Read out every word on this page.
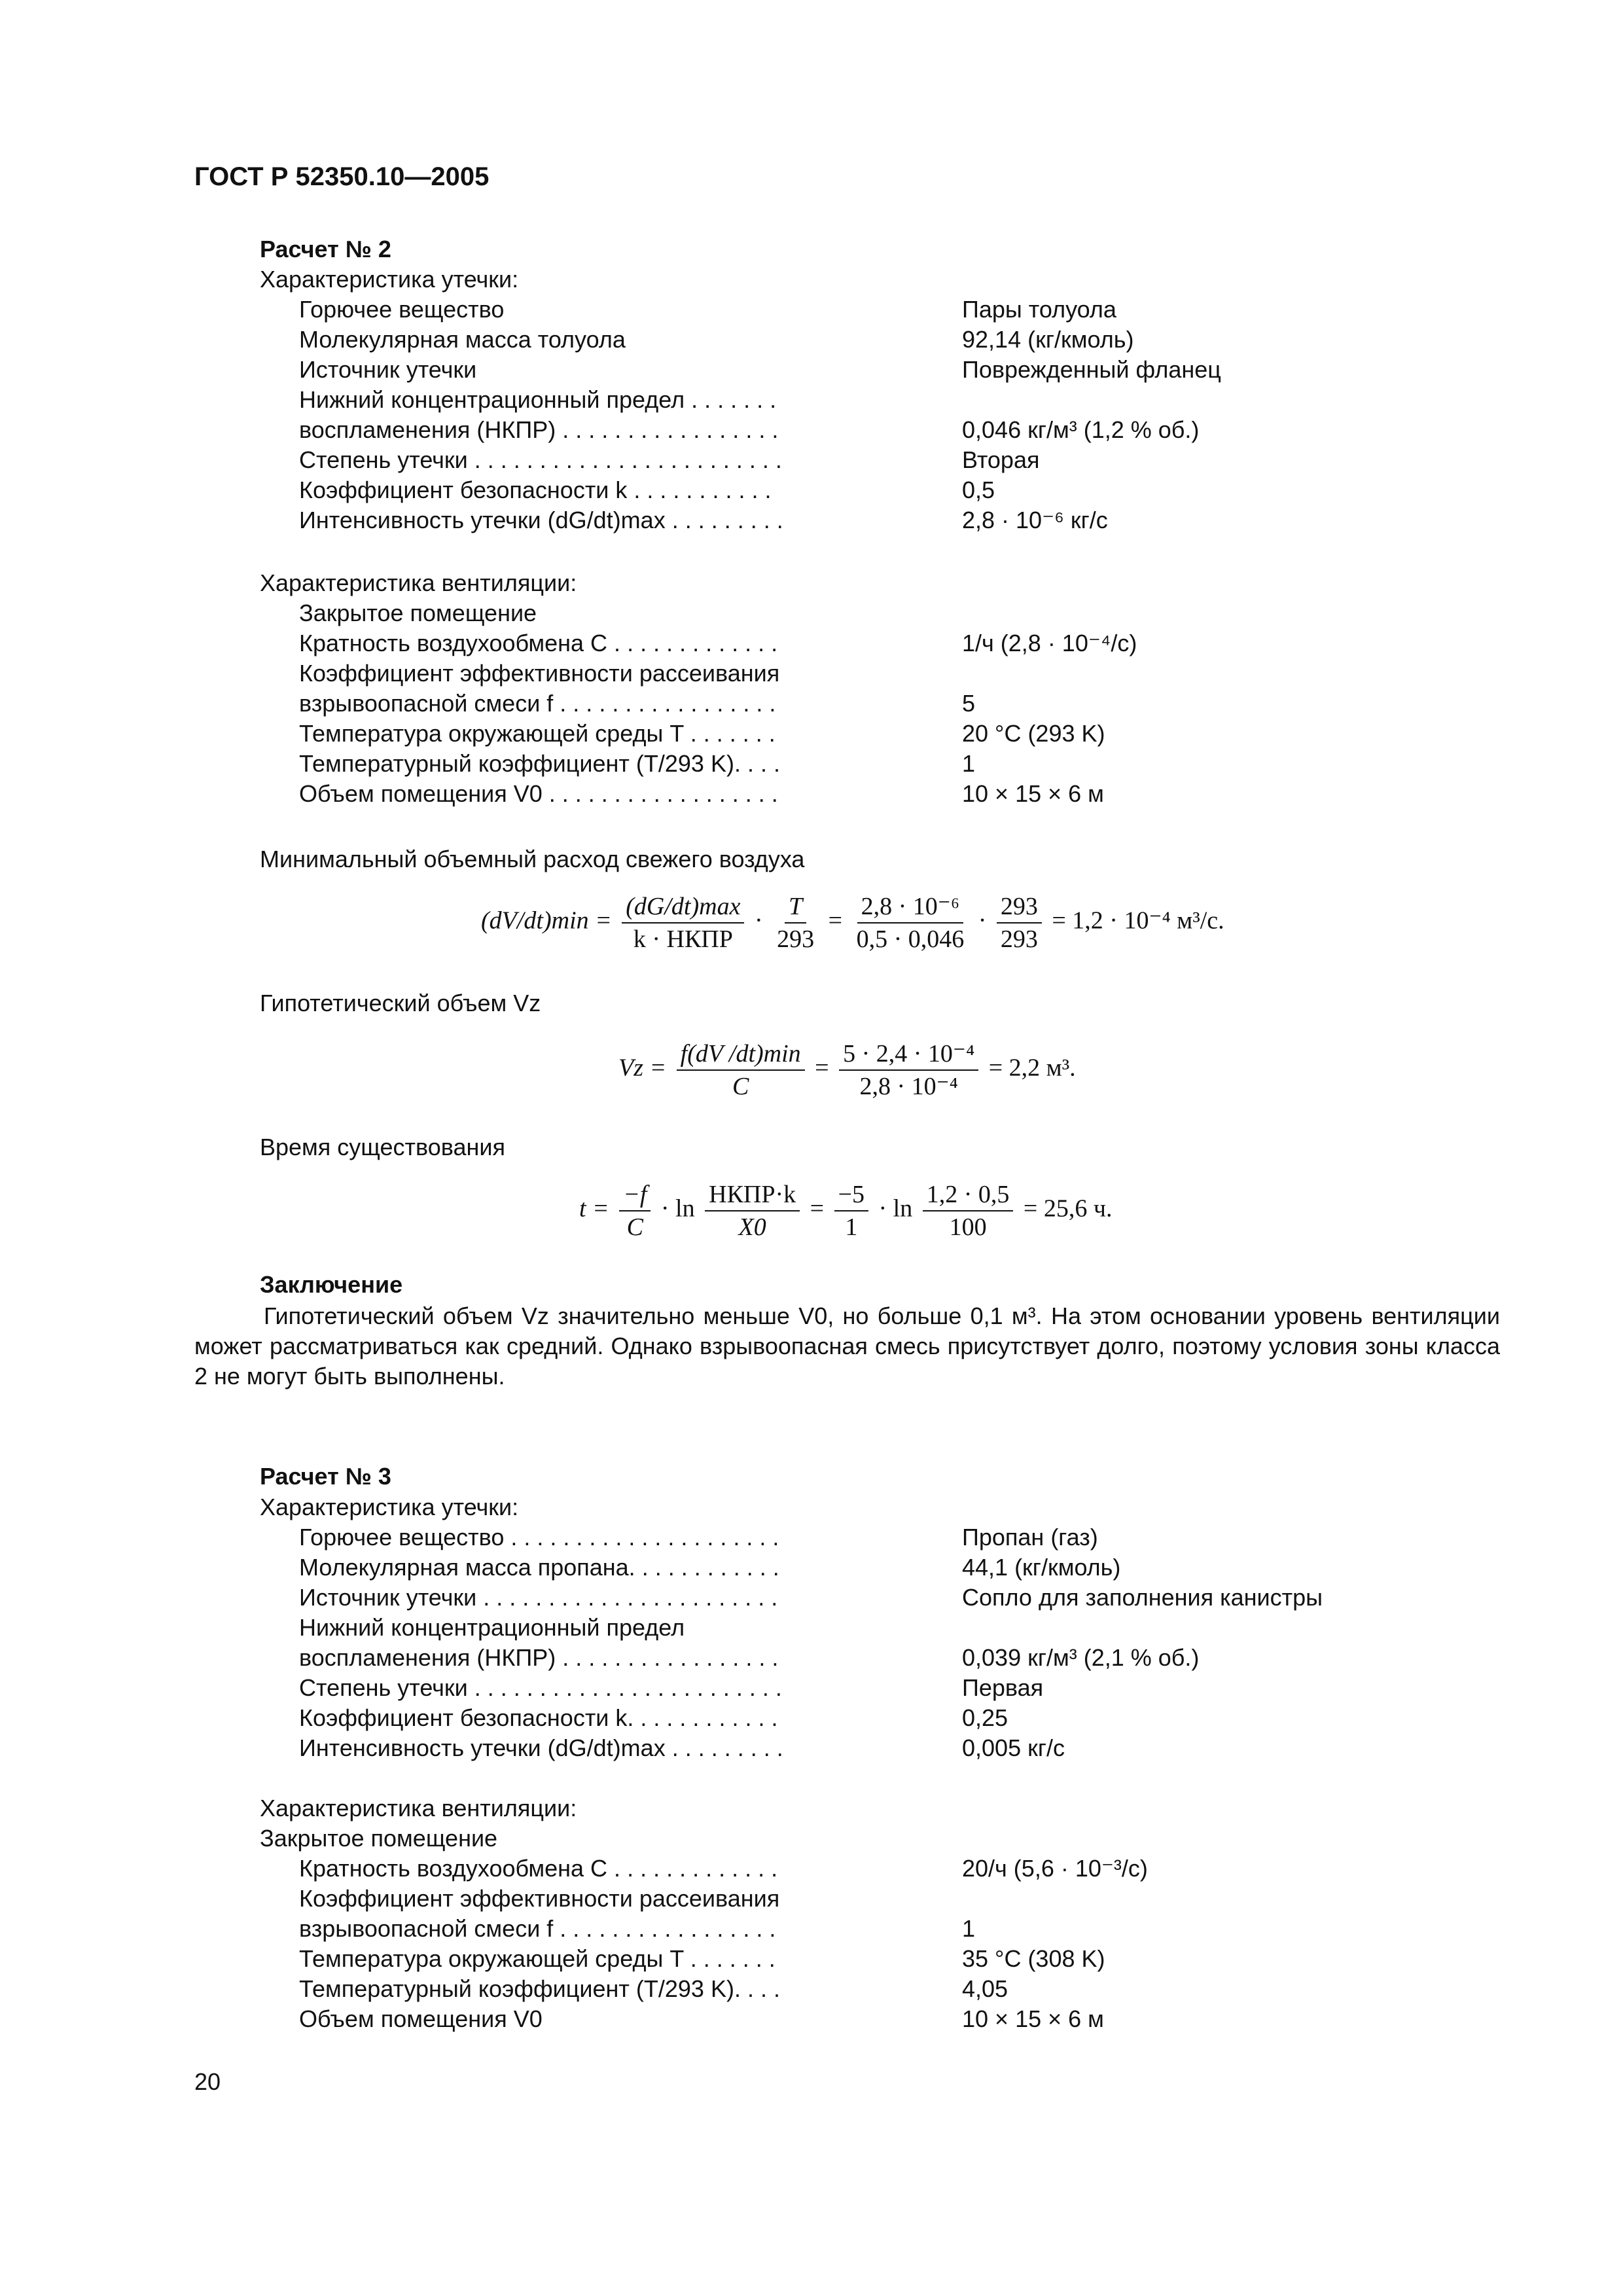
ГОСТ Р 52350.10—2005
Расчет № 2
Характеристика утечки:
Горючее вещество	Пары толуола
Молекулярная масса толуола	92,14 (кг/кмоль)
Источник утечки	Поврежденный фланец
Нижний концентрационный предел . . . . . . .
воспламенения (НКПР) . . . . . . . . . . . . . . . . .	0,046 кг/м³ (1,2 % об.)
Степень утечки . . . . . . . . . . . . . . . . . . . . . . . .	Вторая
Коэффициент безопасности k . . . . . . . . . . .	0,5
Интенсивность утечки (dG/dt)max . . . . . . . . .	2,8 · 10⁻⁶ кг/с
Характеристика вентиляции:
Закрытое помещение
Кратность воздухообмена C . . . . . . . . . . . . .	1/ч (2,8 · 10⁻⁴/с)
Коэффициент эффективности рассеивания
взрывоопасной смеси f . . . . . . . . . . . . . . . . .	5
Температура окружающей среды T . . . . . . .	20 °C (293 K)
Температурный коэффициент (T/293 K). . . .	1
Объем помещения V0 . . . . . . . . . . . . . . . . . .	10 × 15 × 6 м
Минимальный объемный расход свежего воздуха
$(dV/dt)\min = \frac{(dG/dt)\max}{\text{k · НКПР}} \cdot \frac{T}{293} = \frac{\text{2,8 · 10⁻⁶}}{0,5 \cdot 0,046} \cdot \frac{293}{293} = 1,2 \cdot 10^{-4}$ м³/с.
Гипотетический объем Vz
$Vz = \frac{f(dV /dt)\min}{C} = \frac{\text{5 · 2,4 · 10⁻⁴}}{\text{2,8 · 10⁻⁴}} = 2,2$ м³.
Время существования
$t = \frac{-f}{C} \cdot \ln \frac{\text{НКПР·k}}{X0} = \frac{-5}{1} \cdot \ln \frac{1,2 \cdot 0,5}{100} = 25,6$ ч.
Заключение
Гипотетический объем Vz значительно меньше V0, но больше 0,1 м³. На этом основании уровень вентиляции может рассматриваться как средний. Однако взрывоопасная смесь присутствует долго, поэтому условия зоны класса 2 не могут быть выполнены.
Расчет № 3
Характеристика утечки:
Горючее вещество . . . . . . . . . . . . . . . . . . . . .	Пропан (газ)
Молекулярная масса пропана. . . . . . . . . . . .	44,1 (кг/кмоль)
Источник утечки . . . . . . . . . . . . . . . . . . . . . . .	Сопло для заполнения канистры
Нижний концентрационный предел
воспламенения (НКПР) . . . . . . . . . . . . . . . . .	0,039 кг/м³ (2,1 % об.)
Степень утечки . . . . . . . . . . . . . . . . . . . . . . . .	Первая
Коэффициент безопасности k. . . . . . . . . . . .	0,25
Интенсивность утечки (dG/dt)max . . . . . . . . .	0,005 кг/с
Характеристика вентиляции:
Закрытое помещение
Кратность воздухообмена C . . . . . . . . . . . . .	20/ч (5,6 · 10⁻³/с)
Коэффициент эффективности рассеивания
взрывоопасной смеси f . . . . . . . . . . . . . . . . .	1
Температура окружающей среды T . . . . . . .	35 °C (308 K)
Температурный коэффициент (T/293 K). . . .	4,05
Объем помещения V0	10 × 15 × 6 м
20
